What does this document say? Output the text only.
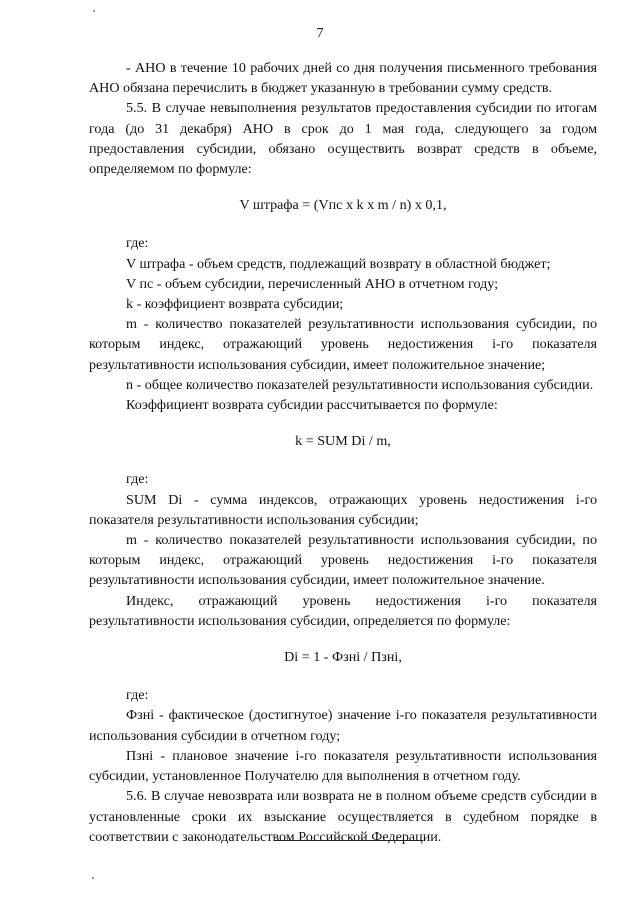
7

- АНО в течение 10 рабочих дней со дня получения письменного требования АНО обязана перечислить в бюджет указанную в требовании сумму средств.

5.5. В случае невыполнения результатов предоставления субсидии по итогам года (до 31 декабря) АНО в срок до 1 мая года, следующего за годом предоставления субсидии, обязано осуществить возврат средств в объеме, определяемом по формуле:

V штрафа = (Vпс x k x m / n) x 0,1,

где:

V штрафа - объем средств, подлежащий возврату в областной бюджет;

V пс - объем субсидии, перечисленный АНО в отчетном году;

k - коэффициент возврата субсидии;

m - количество показателей результативности использования субсидии, по которым индекс, отражающий уровень недостижения i-го показателя результативности использования субсидии, имеет положительное значение;

n - общее количество показателей результативности использования субсидии.

Коэффициент возврата субсидии рассчитывается по формуле:

k = SUM Di / m,

где:

SUM Di - сумма индексов, отражающих уровень недостижения i-го показателя результативности использования субсидии;

m - количество показателей результативности использования субсидии, по которым индекс, отражающий уровень недостижения i-го показателя результативности использования субсидии, имеет положительное значение.

Индекс, отражающий уровень недостижения i-го показателя результативности использования субсидии, определяется по формуле:

Di = 1 - Фзнi / Пзнi,

где:

Фзнi - фактическое (достигнутое) значение i-го показателя результативности использования субсидии в отчетном году;

Пзнi - плановое значение i-го показателя результативности использования субсидии, установленное Получателю для выполнения в отчетном году.

5.6. В случае невозврата или возврата не в полном объеме средств субсидии в установленные сроки их взыскание осуществляется в судебном порядке в соответствии с законодательством Российской Федерации.
